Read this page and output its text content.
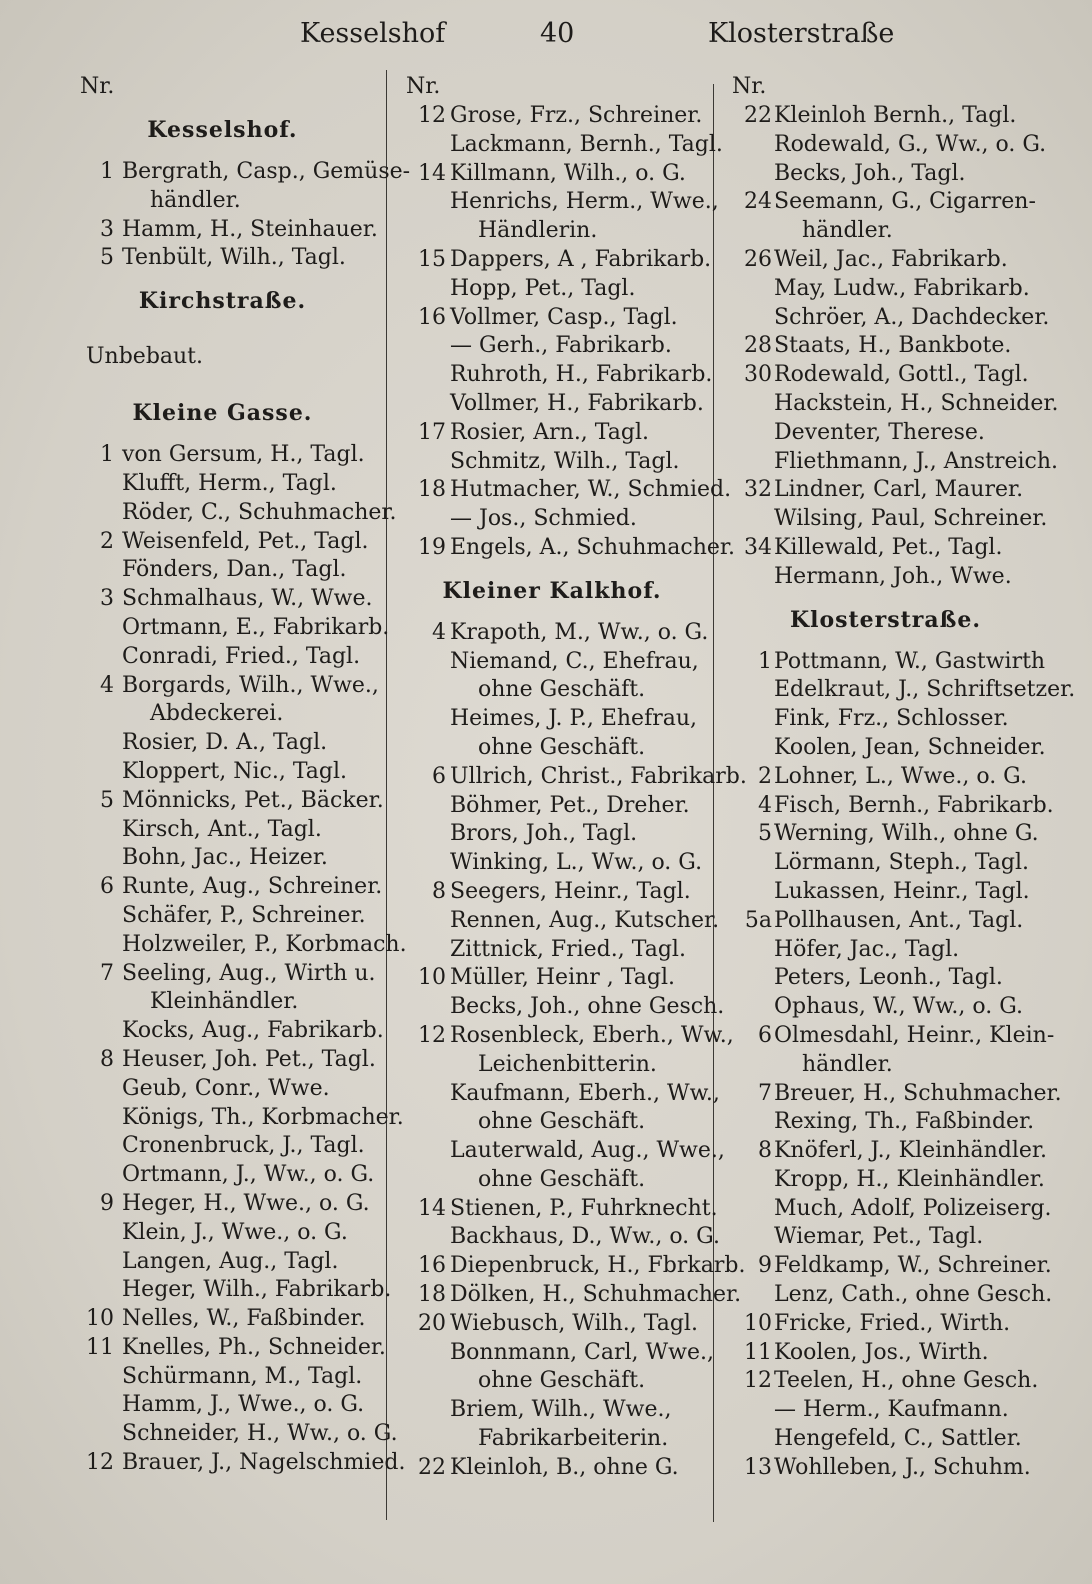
Kesselshof	40	Klosterstraße
Nr.
Kesselshof.
1 Bergrath, Casp., Gemüse-
händler.
3 Hamm, H., Steinhauer.
5 Tenbült, Wilh., Tagl.
Kirchstraße.
Unbebaut.
Kleine Gasse.
1 von Gersum, H., Tagl.
Klufft, Herm., Tagl.
Röder, C., Schuhmacher.
2 Weisenfeld, Pet., Tagl.
Fönders, Dan., Tagl.
3 Schmalhaus, W., Wwe.
Ortmann, E., Fabrikarb.
Conradi, Fried., Tagl.
4 Borgards, Wilh., Wwe.,
Abdeckerei.
Rosier, D. A., Tagl.
Kloppert, Nic., Tagl.
5 Mönnicks, Pet., Bäcker.
Kirsch, Ant., Tagl.
Bohn, Jac., Heizer.
6 Runte, Aug., Schreiner.
Schäfer, P., Schreiner.
Holzweiler, P., Korbmach.
7 Seeling, Aug., Wirth u.
Kleinhändler.
Kocks, Aug., Fabrikarb.
8 Heuser, Joh. Pet., Tagl.
Geub, Conr., Wwe.
Königs, Th., Korbmacher.
Cronenbruck, J., Tagl.
Ortmann, J., Ww., o. G.
9 Heger, H., Wwe., o. G.
Klein, J., Wwe., o. G.
Langen, Aug., Tagl.
Heger, Wilh., Fabrikarb.
10 Nelles, W., Faßbinder.
11 Knelles, Ph., Schneider.
Schürmann, M., Tagl.
Hamm, J., Wwe., o. G.
Schneider, H., Ww., o. G.
12 Brauer, J., Nagelschmied.
Nr.
12 Grose, Frz., Schreiner.
Lackmann, Bernh., Tagl.
14 Killmann, Wilh., o. G.
Henrichs, Herm., Wwe.,
Händlerin.
15 Dappers, A , Fabrikarb.
Hopp, Pet., Tagl.
16 Vollmer, Casp., Tagl.
— Gerh., Fabrikarb.
Ruhroth, H., Fabrikarb.
Vollmer, H., Fabrikarb.
17 Rosier, Arn., Tagl.
Schmitz, Wilh., Tagl.
18 Hutmacher, W., Schmied.
— Jos., Schmied.
19 Engels, A., Schuhmacher.
Kleiner Kalkhof.
4 Krapoth, M., Ww., o. G.
Niemand, C., Ehefrau,
ohne Geschäft.
Heimes, J. P., Ehefrau,
ohne Geschäft.
6 Ullrich, Christ., Fabrikarb.
Böhmer, Pet., Dreher.
Brors, Joh., Tagl.
Winking, L., Ww., o. G.
8 Seegers, Heinr., Tagl.
Rennen, Aug., Kutscher.
Zittnick, Fried., Tagl.
10 Müller, Heinr , Tagl.
Becks, Joh., ohne Gesch.
12 Rosenbleck, Eberh., Ww.,
Leichenbitterin.
Kaufmann, Eberh., Ww.,
ohne Geschäft.
Lauterwald, Aug., Wwe.,
ohne Geschäft.
14 Stienen, P., Fuhrknecht.
Backhaus, D., Ww., o. G.
16 Diepenbruck, H., Fbrkarb.
18 Dölken, H., Schuhmacher.
20 Wiebusch, Wilh., Tagl.
Bonnmann, Carl, Wwe.,
ohne Geschäft.
Briem, Wilh., Wwe.,
Fabrikarbeiterin.
22 Kleinloh, B., ohne G.
Nr.
22 Kleinloh Bernh., Tagl.
Rodewald, G., Ww., o. G.
Becks, Joh., Tagl.
24 Seemann, G., Cigarren-
händler.
26 Weil, Jac., Fabrikarb.
May, Ludw., Fabrikarb.
Schröer, A., Dachdecker.
28 Staats, H., Bankbote.
30 Rodewald, Gottl., Tagl.
Hackstein, H., Schneider.
Deventer, Therese.
Fliethmann, J., Anstreich.
32 Lindner, Carl, Maurer.
Wilsing, Paul, Schreiner.
34 Killewald, Pet., Tagl.
Hermann, Joh., Wwe.
Klosterstraße.
1 Pottmann, W., Gastwirth
Edelkraut, J., Schriftsetzer.
Fink, Frz., Schlosser.
Koolen, Jean, Schneider.
2 Lohner, L., Wwe., o. G.
4 Fisch, Bernh., Fabrikarb.
5 Werning, Wilh., ohne G.
Lörmann, Steph., Tagl.
Lukassen, Heinr., Tagl.
5a Pollhausen, Ant., Tagl.
Höfer, Jac., Tagl.
Peters, Leonh., Tagl.
Ophaus, W., Ww., o. G.
6 Olmesdahl, Heinr., Klein-
händler.
7 Breuer, H., Schuhmacher.
Rexing, Th., Faßbinder.
8 Knöferl, J., Kleinhändler.
Kropp, H., Kleinhändler.
Much, Adolf, Polizeiserg.
Wiemar, Pet., Tagl.
9 Feldkamp, W., Schreiner.
Lenz, Cath., ohne Gesch.
10 Fricke, Fried., Wirth.
11 Koolen, Jos., Wirth.
12 Teelen, H., ohne Gesch.
— Herm., Kaufmann.
Hengefeld, C., Sattler.
13 Wohlleben, J., Schuhm.
